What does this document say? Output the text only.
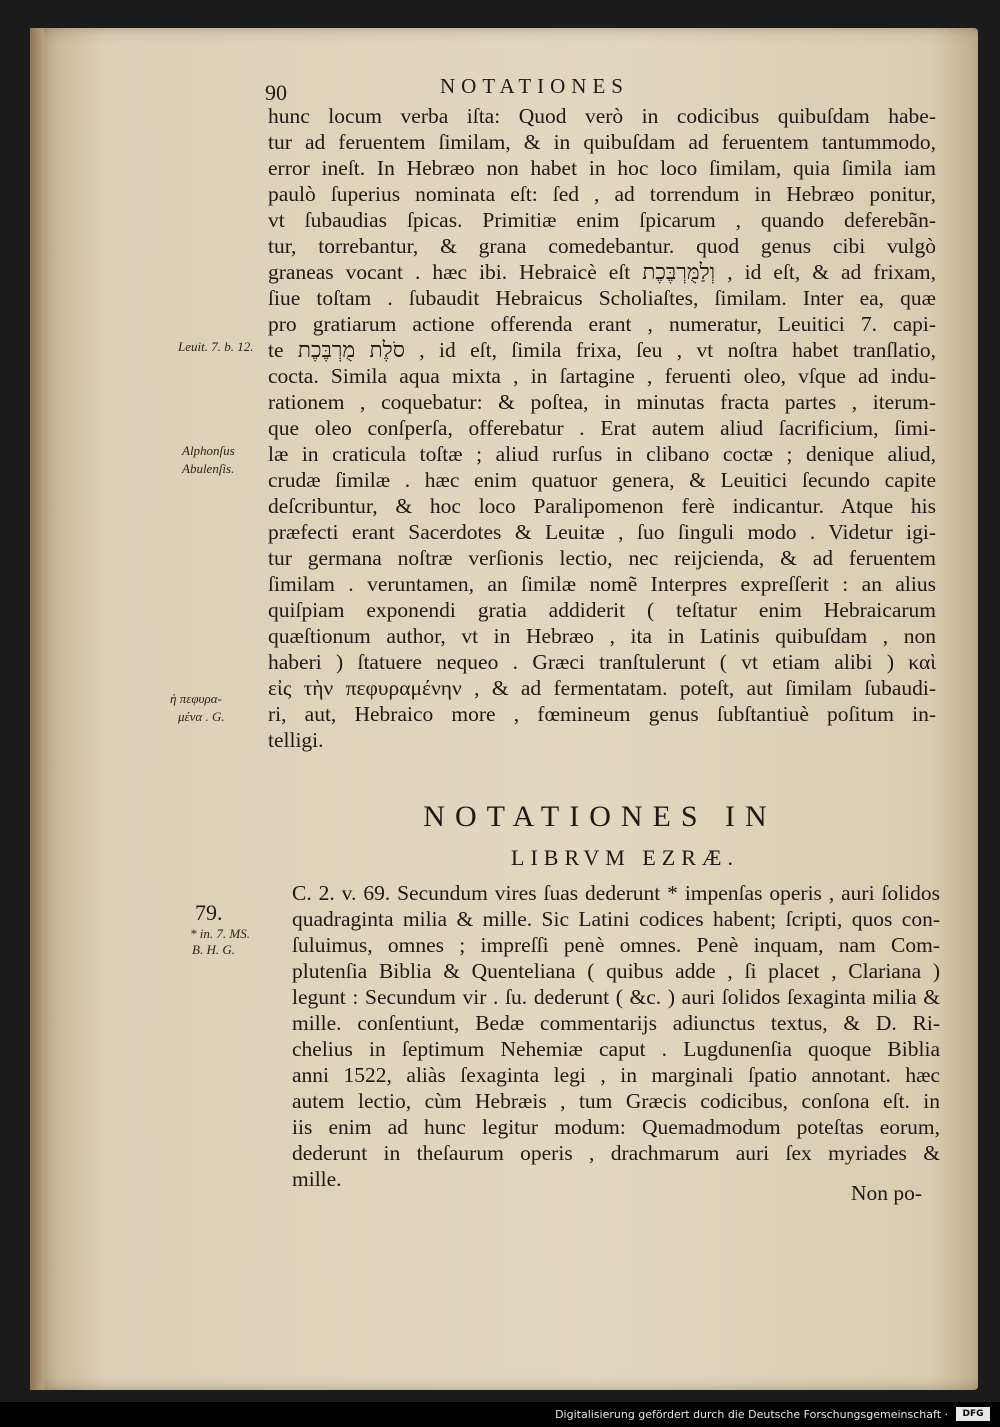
90	NOTATIONES
hunc locum verba iſta: Quod verò in codicibus quibuſdam habe-
tur ad feruentem ſimilam, & in quibuſdam ad feruentem tantummodo,
error ineſt. In Hebræo non habet in hoc loco ſimilam, quia ſimila iam
paulò ſuperius nominata eſt: ſed , ad torrendum in Hebræo ponitur,
vt ſubaudias ſpicas. Primitiæ enim ſpicarum , quando deferebãn-
tur, torrebantur, & grana comedebantur. quod genus cibi vulgò
graneas vocant . hæc ibi. Hebraicè eſt וְלַמֻּרְבֶּכֶת , id eſt, & ad frixam,
ſiue toſtam . ſubaudit Hebraicus Scholiaſtes, ſimilam. Inter ea, quæ
pro gratiarum actione offerenda erant , numeratur, Leuitici 7. capi-
te סֹלֶת מֻרְבֶּכֶת , id eſt, ſimila frixa, ſeu , vt noſtra habet tranſlatio,
cocta. Simila aqua mixta , in ſartagine , feruenti oleo, vſque ad indu-
rationem , coquebatur: & poſtea, in minutas fracta partes , iterum-
que oleo conſperſa, offerebatur . Erat autem aliud ſacrificium, ſimi-
læ in craticula toſtæ ; aliud rurſus in clibano coctæ ; denique aliud,
crudæ ſimilæ . hæc enim quatuor genera, & Leuitici ſecundo capite
deſcribuntur, & hoc loco Paralipomenon ferè indicantur. Atque his
præfecti erant Sacerdotes & Leuitæ , ſuo ſinguli modo . Videtur igi-
tur germana noſtræ verſionis lectio, nec reijcienda, & ad feruentem
ſimilam . veruntamen, an ſimilæ nomẽ Interpres expreſſerit : an alius
quiſpiam exponendi gratia addiderit ( teſtatur enim Hebraicarum
quæſtionum author, vt in Hebræo , ita in Latinis quibuſdam , non
haberi ) ſtatuere nequeo . Græci tranſtulerunt ( vt etiam alibi ) καὶ
εἰς τὴν πεφυραμένην , & ad fermentatam. poteſt, aut ſimilam ſubaudi-
ri, aut, Hebraico more , fœmineum genus ſubſtantiuè poſitum in-
telligi.
Leuit. 7. b. 12.
Alphonſus
Abulenſis.
ἡ πεφυρα-
μένα . G.
NOTATIONES IN
LIBRVM EZRÆ.
79.
* in. 7. MS.
B. H. G.
C. 2. v. 69. Secundum vires ſuas dederunt * impenſas operis , auri ſolidos
quadraginta milia & mille. Sic Latini codices habent; ſcripti, quos con-
ſuluimus, omnes ; impreſſi penè omnes. Penè inquam, nam Com-
plutenſia Biblia & Quenteliana ( quibus adde , ſi placet , Clariana )
legunt : Secundum vir . ſu. dederunt ( &c. ) auri ſolidos ſexaginta milia &
mille. conſentiunt, Bedæ commentarijs adiunctus textus, & D. Ri-
chelius in ſeptimum Nehemiæ caput . Lugdunenſia quoque Biblia
anni 1522, aliàs ſexaginta legi , in marginali ſpatio annotant. hæc
autem lectio, cùm Hebræis , tum Græcis codicibus, conſona eſt. in
iis enim ad hunc legitur modum: Quemadmodum poteſtas eorum,
dederunt in theſaurum operis , drachmarum auri ſex myriades &
mille.
Non po-
Digitalisierung gefördert durch die Deutsche Forschungsgemeinschaft ·	DFG
